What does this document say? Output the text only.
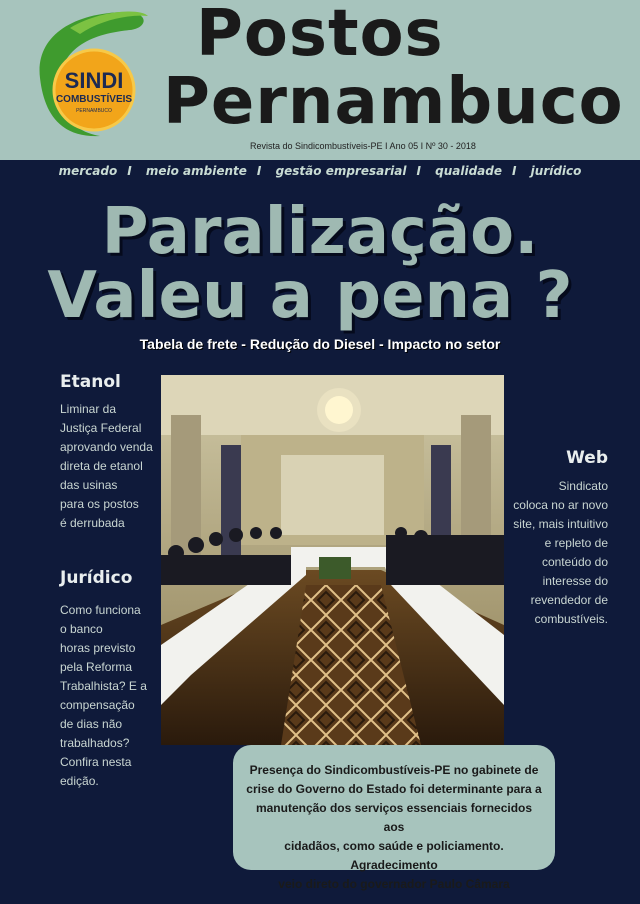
SINDI
COMBUSTÍVEIS
PERNAMBUCO
Postos
Pernambuco
Revista do Sindicombustíveis-PE I Ano 05 I Nº 30 - 2018
mercado I meio ambiente I gestão empresarial I qualidade I jurídico
Paralização.
Valeu a pena ?
Tabela de frete - Redução do Diesel - Impacto no setor
Etanol
Liminar da
Justiça Federal
aprovando venda
direta de etanol
das usinas
para os postos
é derrubada
Jurídico
Como funciona
o banco
horas previsto
pela Reforma
Trabalhista? E a
compensação
de dias não
trabalhados?
Confira nesta
edição.
Web
Sindicato
coloca no ar novo
site, mais intuitivo
e repleto de
conteúdo do
interesse do
revendedor de
combustíveis.
Presença do Sindicombustíveis-PE no gabinete de
crise do Governo do Estado foi determinante para a
manutenção dos serviços essenciais fornecidos aos
cidadãos, como saúde e policiamento. Agradecimento
veio direto do governador Paulo Câmara
